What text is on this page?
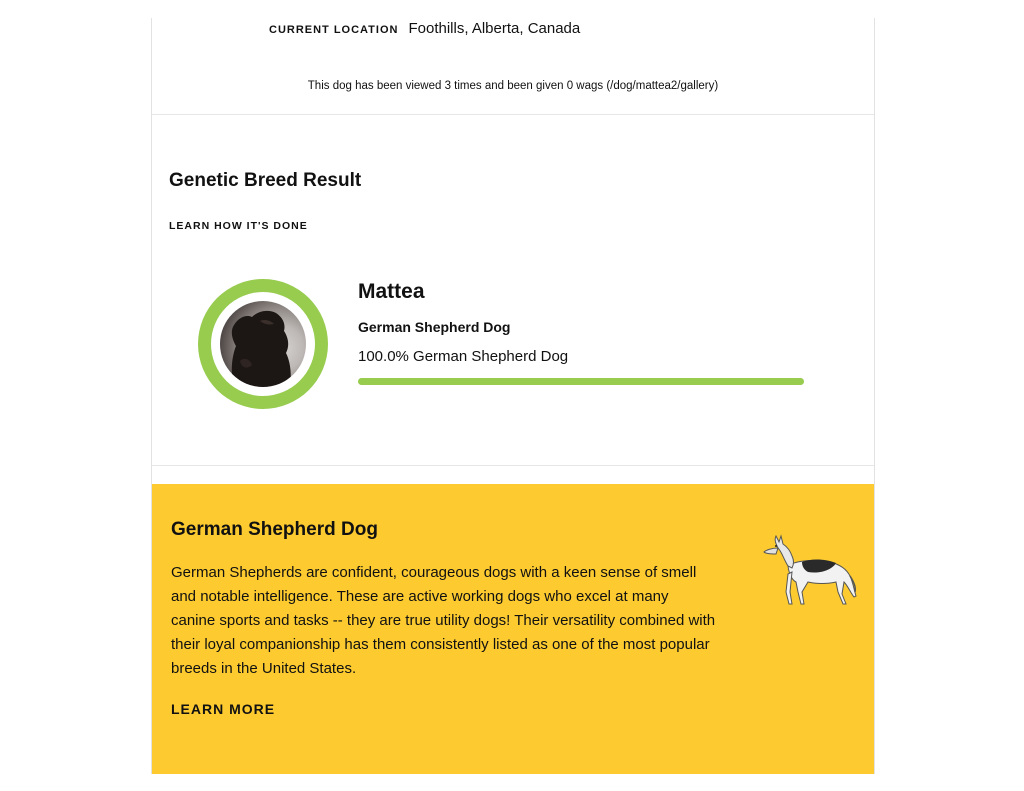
CURRENT LOCATION Foothills, Alberta, Canada
This dog has been viewed 3 times and been given 0 wags (/dog/mattea2/gallery)
Genetic Breed Result
LEARN HOW IT'S DONE
Mattea
German Shepherd Dog
100.0% German Shepherd Dog
German Shepherd Dog

German Shepherds are confident, courageous dogs with a keen sense of smell and notable intelligence. These are active working dogs who excel at many canine sports and tasks -- they are true utility dogs! Their versatility combined with their loyal companionship has them consistently listed as one of the most popular breeds in the United States.

LEARN MORE
